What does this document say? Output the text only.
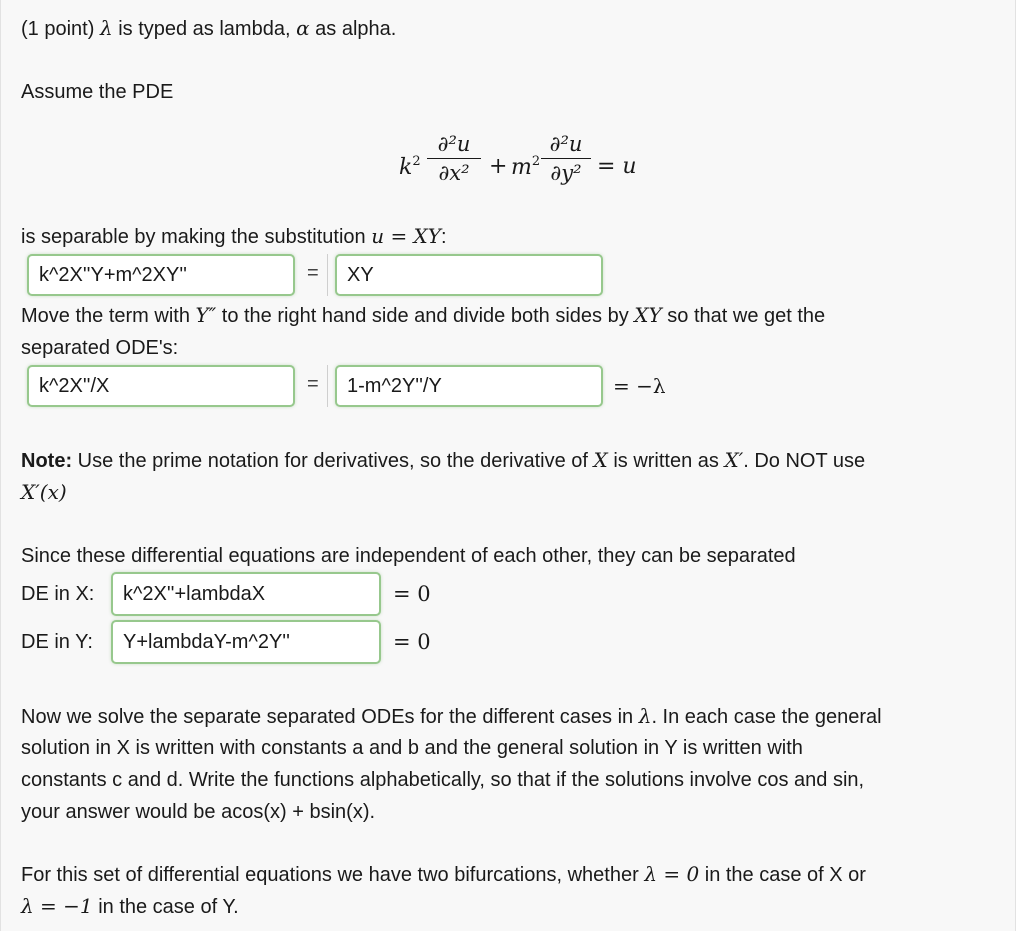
(1 point) λ is typed as lambda, α as alpha.
Assume the PDE
$k^2$
∂²u
$\partial x^2 + m^2$
∂²u
∂y² = u
is separable by making the substitution u = XY:
k^2X''Y+m^2XY''
=
XY
Move the term with Y″ to the right hand side and divide both sides by XY so that we get the
separated ODE's:
k^2X''/X
=
1-m^2Y''/Y	= −λ
Note: Use the prime notation for derivatives, so the derivative of X is written as X′. Do NOT use
X′(x)
Since these differential equations are independent of each other, they can be separated
DE in X:
k^2X''+lambdaX	= 0
DE in Y:
Y+lambdaY-m^2Y''	= 0
Now we solve the separate separated ODEs for the different cases in λ. In each case the general
solution in X is written with constants a and b and the general solution in Y is written with
constants c and d. Write the functions alphabetically, so that if the solutions involve cos and sin,
your answer would be acos(x) + bsin(x).
For this set of differential equations we have two bifurcations, whether λ = 0 in the case of X or
λ = −1 in the case of Y.
